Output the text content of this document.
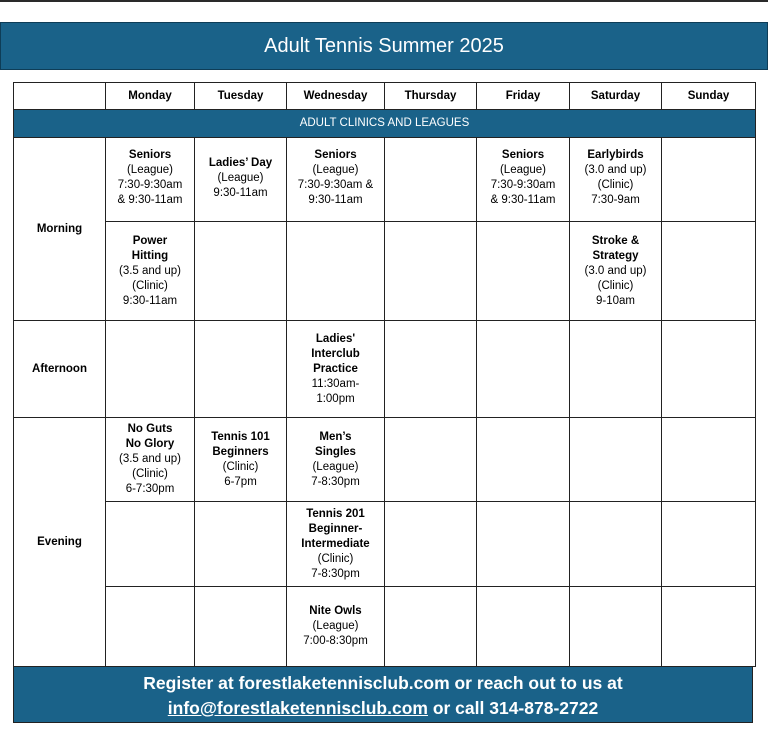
Adult Tennis Summer 2025
	Monday	Tuesday	Wednesday	Thursday	Friday	Saturday	Sunday
ADULT CLINICS AND LEAGUES							
Morning	Seniors
(League)
7:30-9:30am
& 9:30-11am	Ladies’ Day
(League)
9:30-11am	Seniors
(League)
7:30-9:30am &
9:30-11am		Seniors
(League)
7:30-9:30am
& 9:30-11am	Earlybirds
(3.0 and up)
(Clinic)
7:30-9am	

	Power
Hitting
(3.5 and up)
(Clinic)
9:30-11am					Stroke &
Strategy
(3.0 and up)
(Clinic)
9-10am	

Afternoon			Ladies'
Interclub
Practice
11:30am-
1:00pm				

Evening	No Guts
No Glory
(3.5 and up)
(Clinic)
6-7:30pm	Tennis 101
Beginners
(Clinic)
6-7pm	Men’s
Singles
(League)
7-8:30pm				

			Tennis 201
Beginner-
Intermediate
(Clinic)
7-8:30pm				

			Nite Owls
(League)
7:00-8:30pm				

Register at forestlaketennisclub.com or reach out to us at
info@forestlaketennisclub.com or call 314-878-2722
